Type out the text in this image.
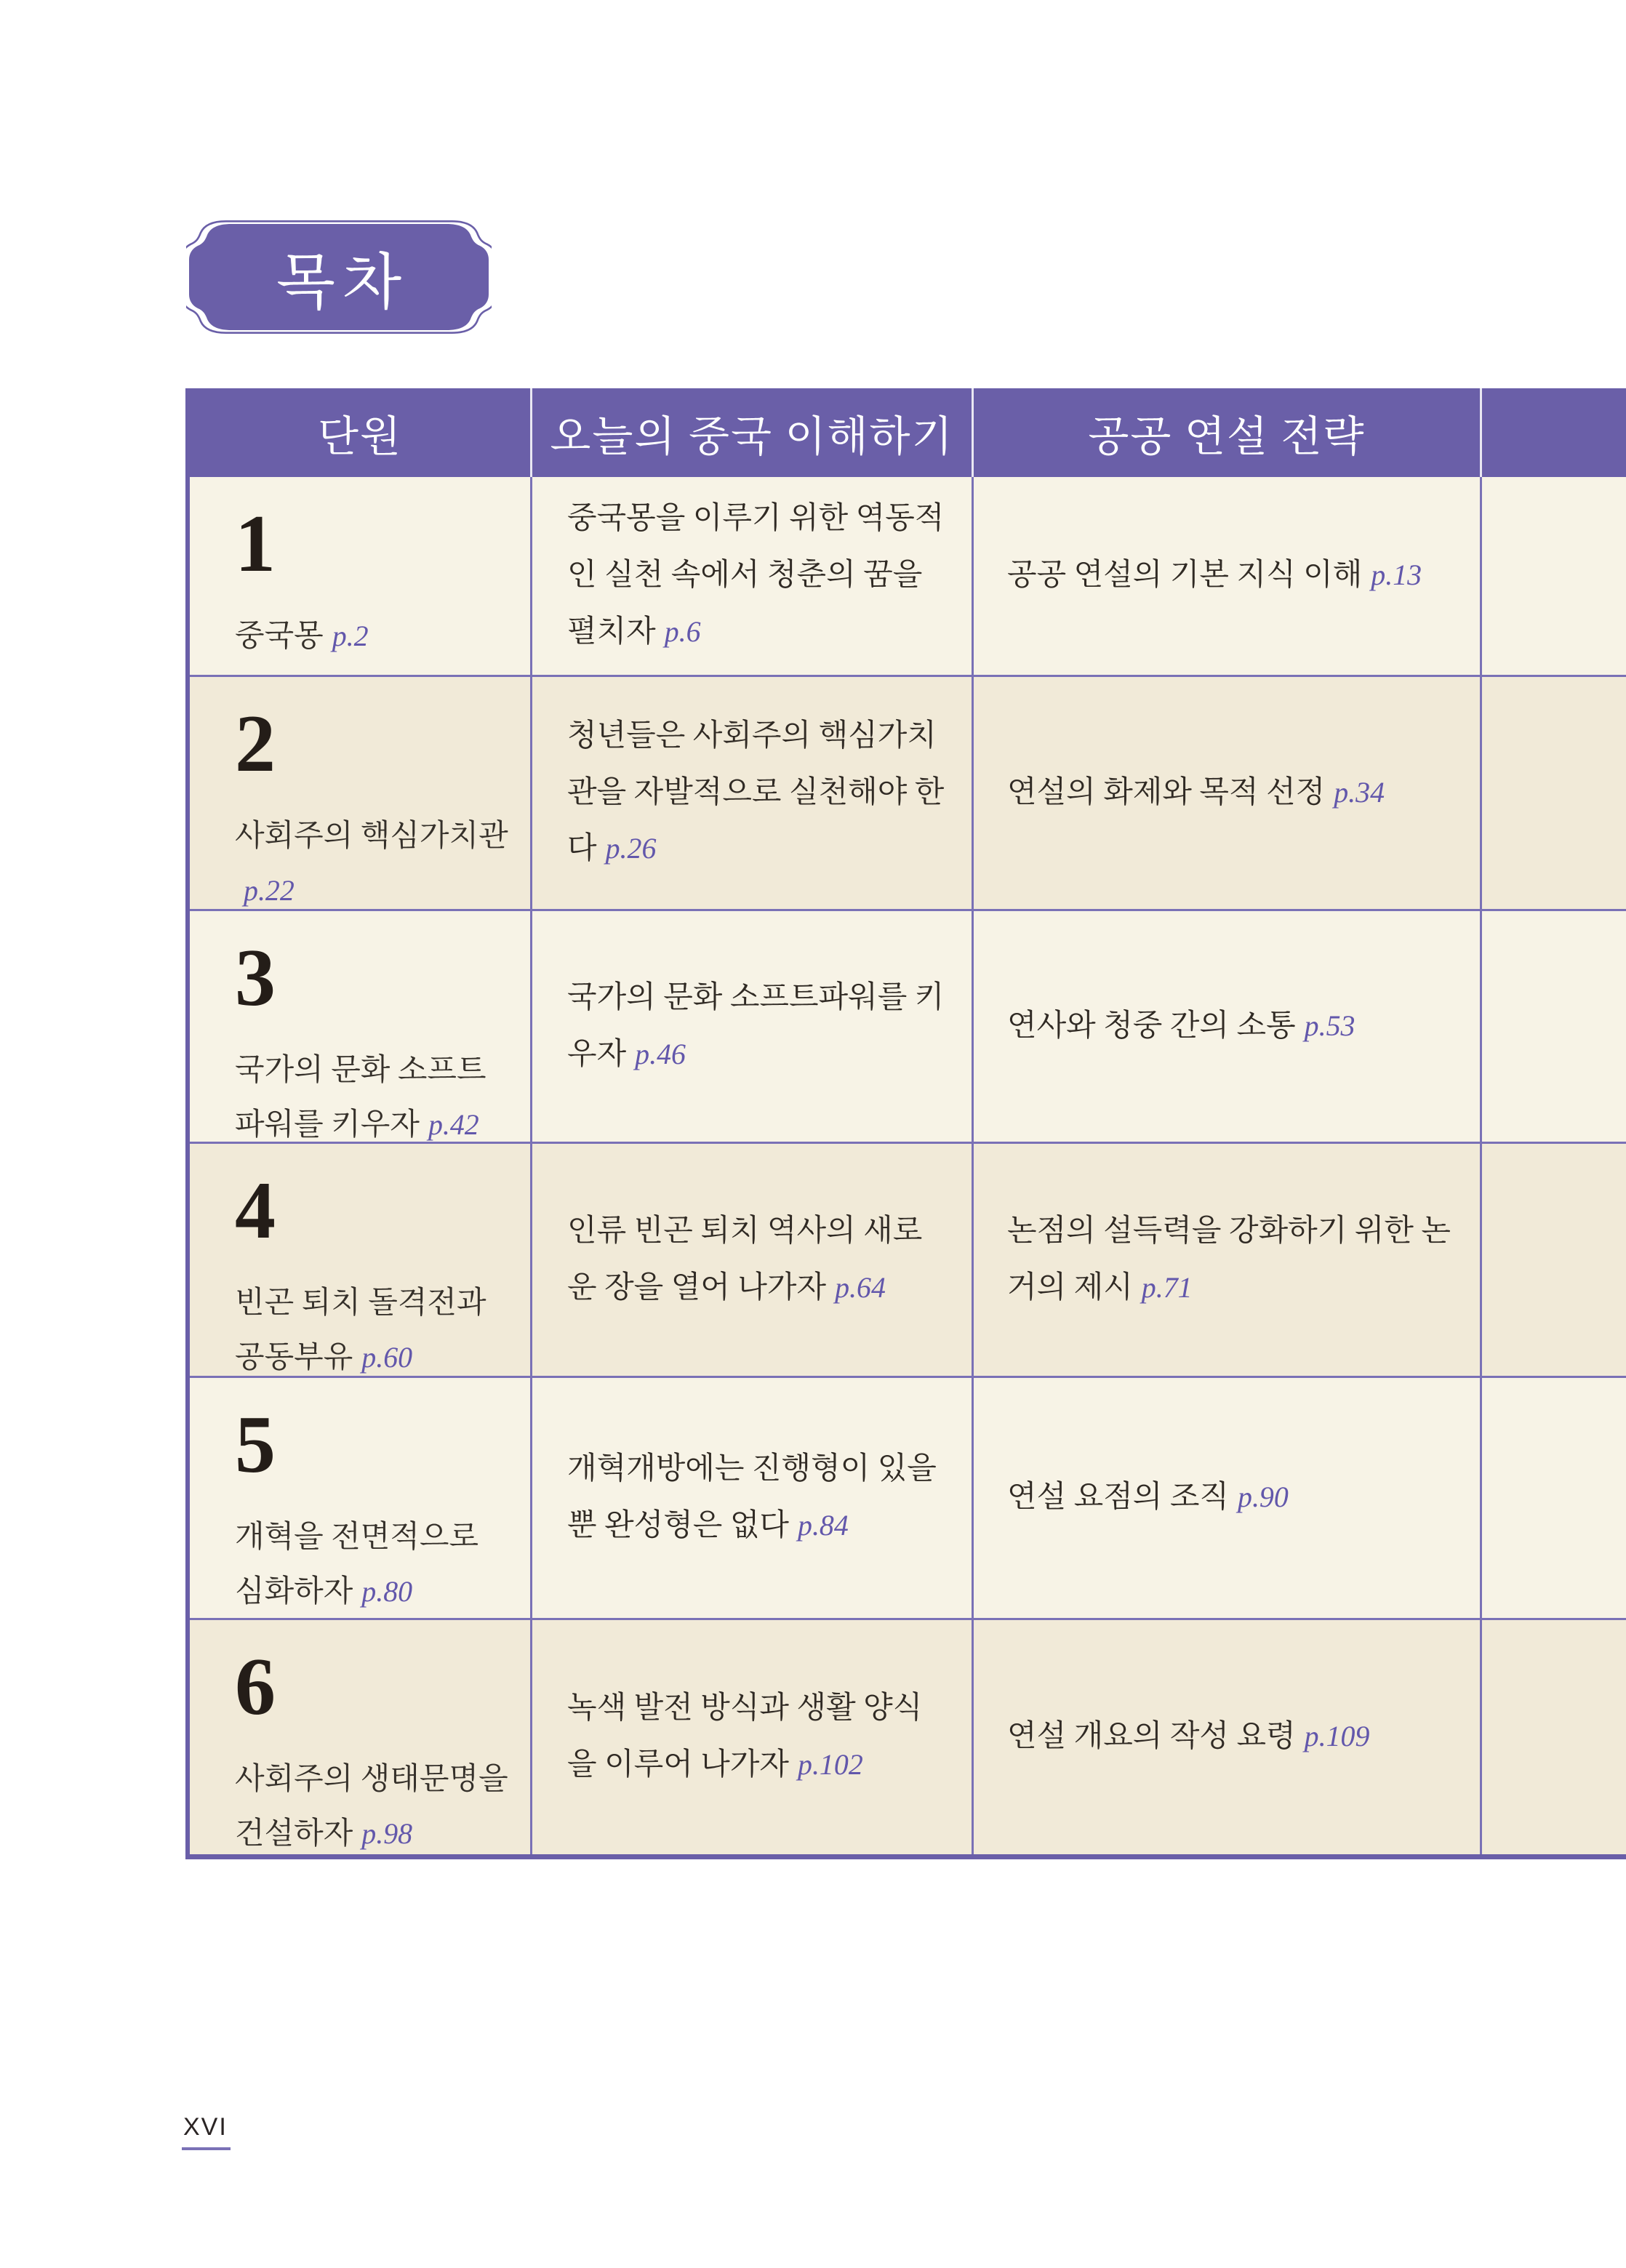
목차
단원	오늘의 중국 이해하기	공공 연설 전략
1
중국몽 p.2
중국몽을 이루기 위한 역동적인 실천 속에서 청춘의 꿈을 펼치자 p.6
공공 연설의 기본 지식 이해 p.13
2
사회주의 핵심가치관p.22
청년들은 사회주의 핵심가치관을 자발적으로 실천해야 한다 p.26
연설의 화제와 목적 선정 p.34
3
국가의 문화 소프트파워를 키우자 p.42
국가의 문화 소프트파워를 키우자 p.46
연사와 청중 간의 소통 p.53
4
빈곤 퇴치 돌격전과 공동부유 p.60
인류 빈곤 퇴치 역사의 새로운 장을 열어 나가자 p.64
논점의 설득력을 강화하기 위한 논거의 제시 p.71
5
개혁을 전면적으로 심화하자 p.80
개혁개방에는 진행형이 있을 뿐 완성형은 없다 p.84
연설 요점의 조직 p.90
6
사회주의 생태문명을 건설하자 p.98
녹색 발전 방식과 생활 양식을 이루어 나가자 p.102
연설 개요의 작성 요령 p.109
XVI
